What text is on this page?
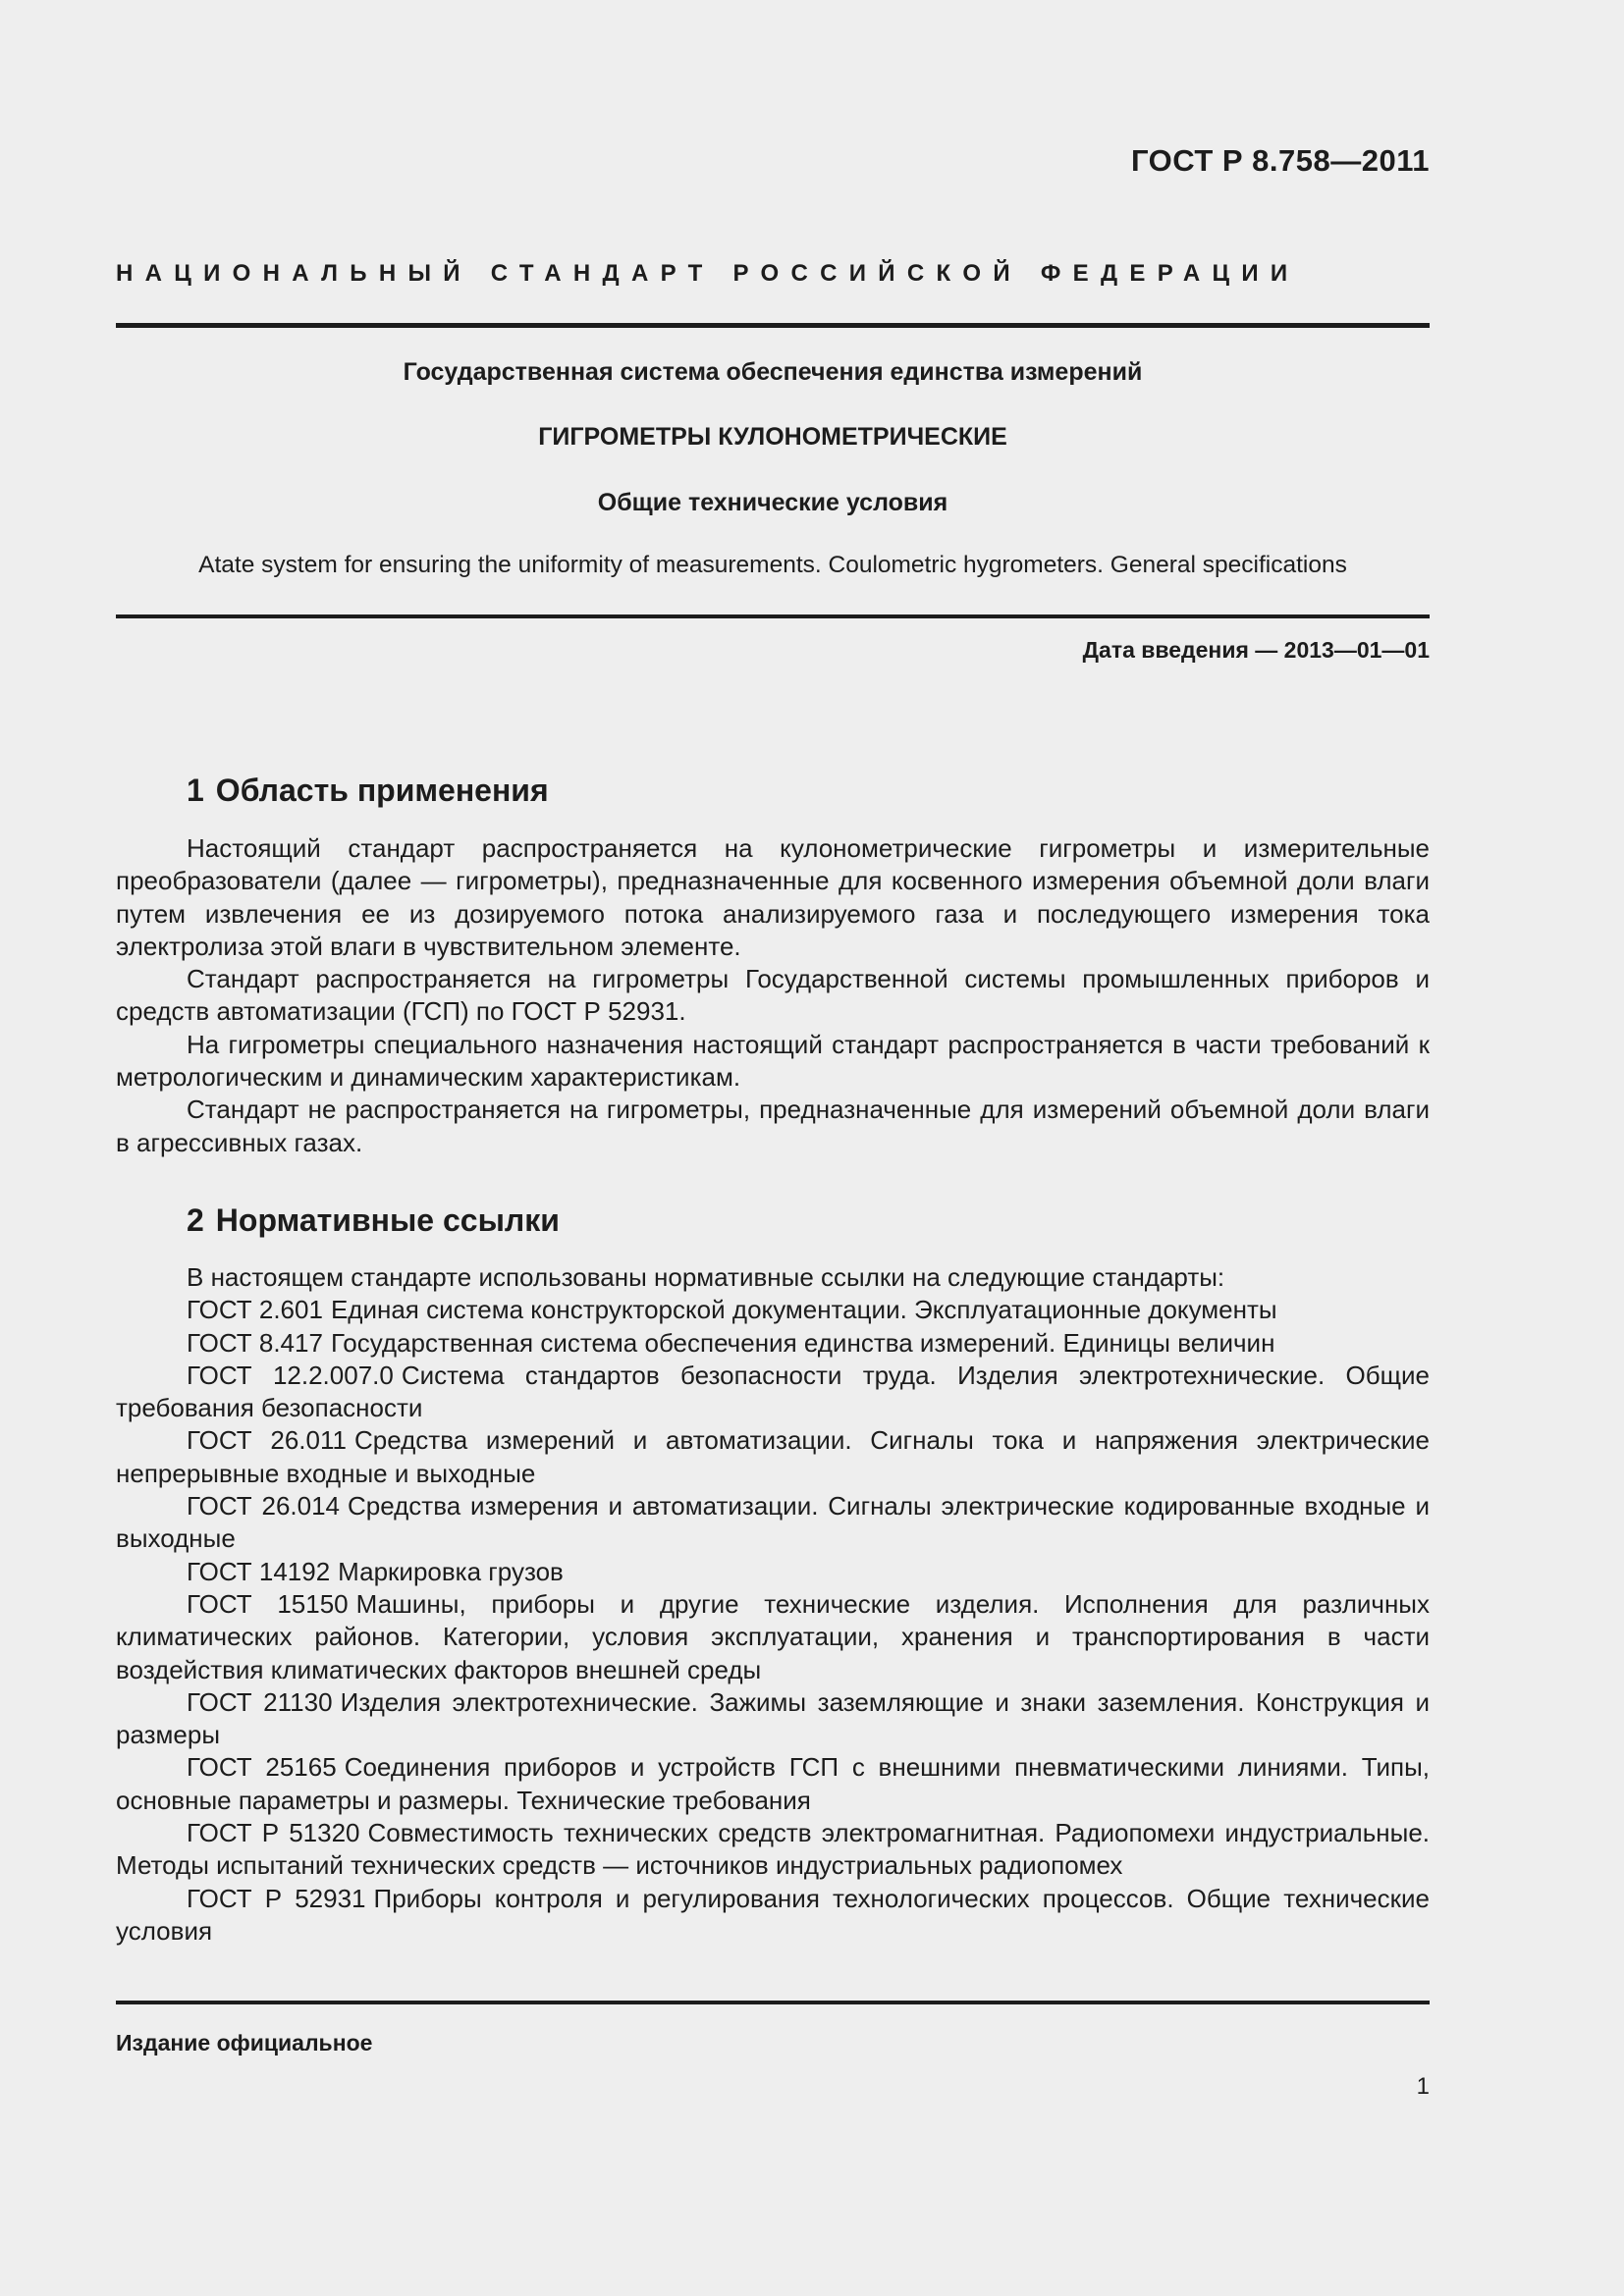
ГОСТ Р 8.758—2011
НАЦИОНАЛЬНЫЙ СТАНДАРТ РОССИЙСКОЙ ФЕДЕРАЦИИ
Государственная система обеспечения единства измерений
ГИГРОМЕТРЫ КУЛОНОМЕТРИЧЕСКИЕ
Общие технические условия
Atate system for ensuring the uniformity of measurements. Coulometric hygrometers. General specifications
Дата введения — 2013—01—01
1 Область применения

Настоящий стандарт распространяется на кулонометрические гигрометры и измерительные преобразователи (далее — гигрометры), предназначенные для косвенного измерения объемной доли влаги путем извлечения ее из дозируемого потока анализируемого газа и последующего измерения тока электролиза этой влаги в чувствительном элементе.

Стандарт распространяется на гигрометры Государственной системы промышленных приборов и средств автоматизации (ГСП) по ГОСТ Р 52931.

На гигрометры специального назначения настоящий стандарт распространяется в части требований к метрологическим и динамическим характеристикам.

Стандарт не распространяется на гигрометры, предназначенные для измерений объемной доли влаги в агрессивных газах.

2 Нормативные ссылки

В настоящем стандарте использованы нормативные ссылки на следующие стандарты:

ГОСТ 2.601 Единая система конструкторской документации. Эксплуатационные документы

ГОСТ 8.417 Государственная система обеспечения единства измерений. Единицы величин

ГОСТ 12.2.007.0 Система стандартов безопасности труда. Изделия электротехнические. Общие требования безопасности

ГОСТ 26.011 Средства измерений и автоматизации. Сигналы тока и напряжения электрические непрерывные входные и выходные

ГОСТ 26.014 Средства измерения и автоматизации. Сигналы электрические кодированные входные и выходные

ГОСТ 14192 Маркировка грузов

ГОСТ 15150 Машины, приборы и другие технические изделия. Исполнения для различных климатических районов. Категории, условия эксплуатации, хранения и транспортирования в части воздействия климатических факторов внешней среды

ГОСТ 21130 Изделия электротехнические. Зажимы заземляющие и знаки заземления. Конструкция и размеры

ГОСТ 25165 Соединения приборов и устройств ГСП с внешними пневматическими линиями. Типы, основные параметры и размеры. Технические требования

ГОСТ Р 51320 Совместимость технических средств электромагнитная. Радиопомехи индустриальные. Методы испытаний технических средств — источников индустриальных радиопомех

ГОСТ Р 52931 Приборы контроля и регулирования технологических процессов. Общие технические условия

Издание официальное
1
